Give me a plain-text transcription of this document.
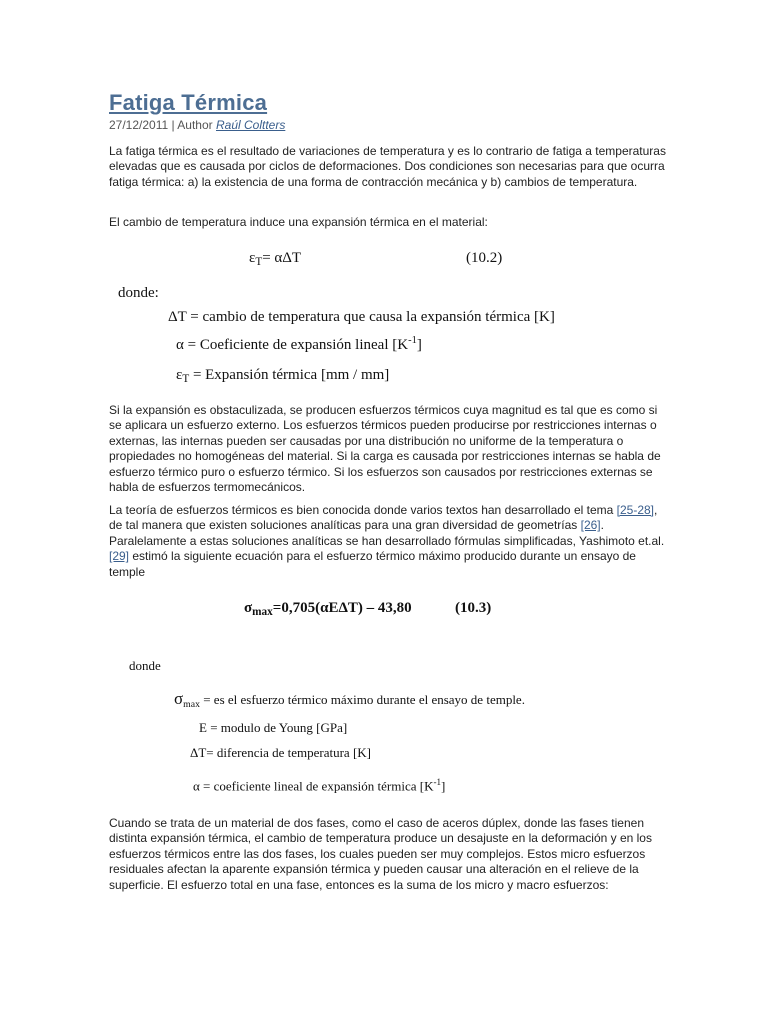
Fatiga Térmica
27/12/2011 | Author Raúl Coltters

La fatiga térmica es el resultado de variaciones de temperatura y es lo contrario de fatiga a temperaturas elevadas que es causada por ciclos de deformaciones. Dos condiciones son necesarias para que ocurra fatiga térmica: a) la existencia de una forma de contracción mecánica y b) cambios de temperatura.

El cambio de temperatura induce una expansión térmica en el material:

$\varepsilon_T= \alpha\Delta T$	(10.2)
donde:
ΔT = cambio de temperatura que causa la expansión térmica [K]
α = Coeficiente de expansión lineal $[K^{-1}]$
$\varepsilon_T$ = Expansión térmica [mm / mm]

Si la expansión es obstaculizada, se producen esfuerzos térmicos cuya magnitud es tal que es como si se aplicara un esfuerzo externo. Los esfuerzos térmicos pueden producirse por restricciones internas o externas, las internas pueden ser causadas por una distribución no uniforme de la temperatura o propiedades no homogéneas del material. Si la carga es causada por restricciones internas se habla de esfuerzo térmico puro o esfuerzo térmico. Si los esfuerzos son causados por restricciones externas se habla de esfuerzos termomecánicos.

La teoría de esfuerzos térmicos es bien conocida donde varios textos han desarrollado el tema [25-28], de tal manera que existen soluciones analíticas para una gran diversidad de geometrías [26]. Paralelamente a estas soluciones analíticas se han desarrollado fórmulas simplificadas, Yashimoto et.al. [29] estimó la siguiente ecuación para el esfuerzo térmico máximo producido durante un ensayo de temple

$\sigma_{max}=0,705(\alpha E\Delta T) - 43,80$	(10.3)
donde
$\sigma_{max}$ = es el esfuerzo térmico máximo durante el ensayo de temple.
E = modulo de Young [GPa]
ΔT= diferencia de temperatura [K]
α = coeficiente lineal de expansión térmica $[K^{-1}]$

Cuando se trata de un material de dos fases, como el caso de aceros dúplex, donde las fases tienen distinta expansión térmica, el cambio de temperatura produce un desajuste en la deformación y en los esfuerzos térmicos entre las dos fases, los cuales pueden ser muy complejos. Estos micro esfuerzos residuales afectan la aparente expansión térmica y pueden causar una alteración en el relieve de la superficie. El esfuerzo total en una fase, entonces es la suma de los micro y macro esfuerzos:
